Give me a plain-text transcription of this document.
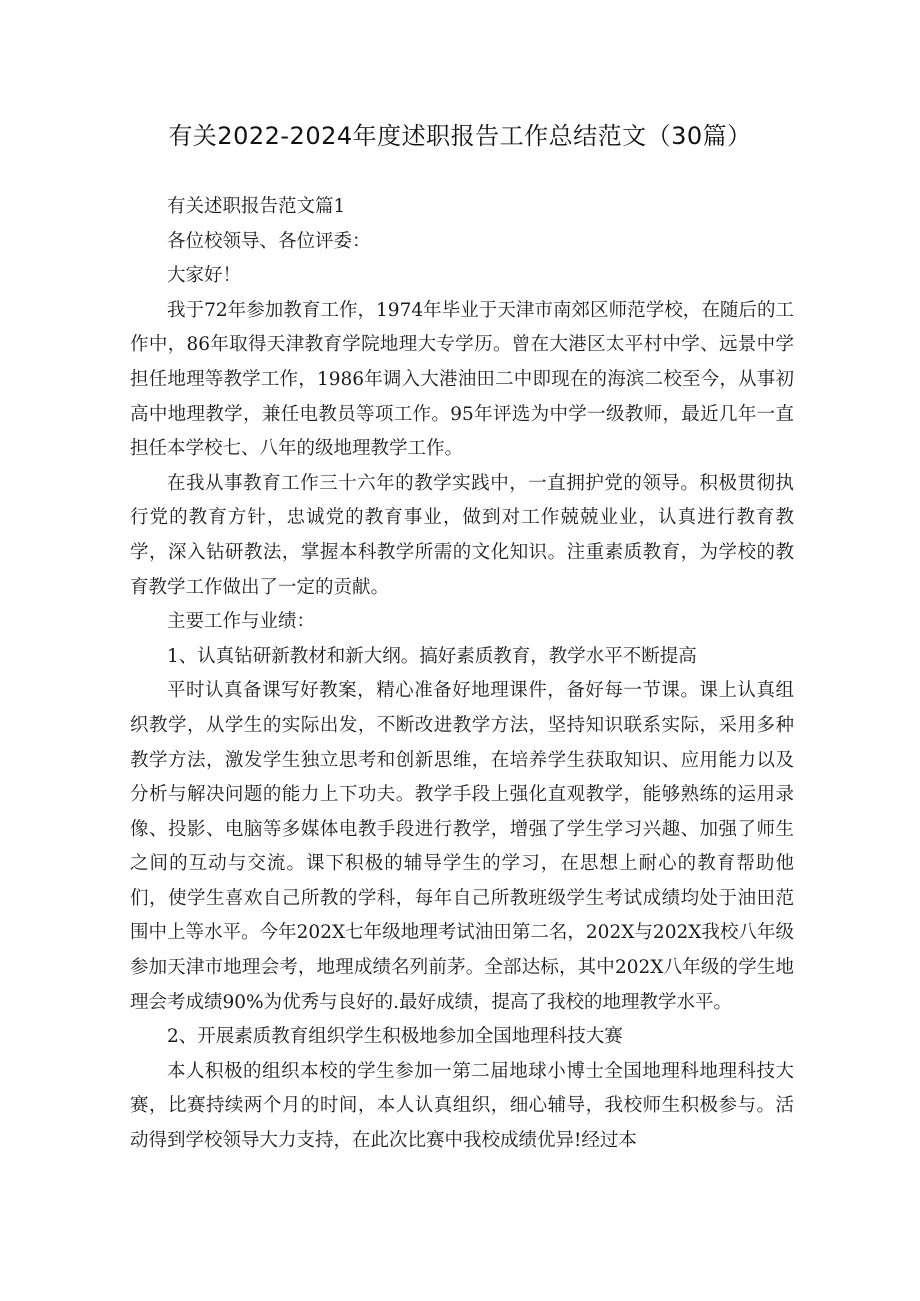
有关2022-2024年度述职报告工作总结范文（30篇）

有关述职报告范文篇1

各位校领导、各位评委：

大家好！

我于72年参加教育工作，1974年毕业于天津市南郊区师范学校，在随后的工作中，86年取得天津教育学院地理大专学历。曾在大港区太平村中学、远景中学担任地理等教学工作，1986年调入大港油田二中即现在的海滨二校至今，从事初高中地理教学，兼任电教员等项工作。95年评选为中学一级教师，最近几年一直担任本学校七、八年的级地理教学工作。

在我从事教育工作三十六年的教学实践中，一直拥护党的领导。积极贯彻执行党的教育方针，忠诚党的教育事业，做到对工作兢兢业业，认真进行教育教学，深入钻研教法，掌握本科教学所需的文化知识。注重素质教育，为学校的教育教学工作做出了一定的贡献。

主要工作与业绩：

1、认真钻研新教材和新大纲。搞好素质教育，教学水平不断提高

平时认真备课写好教案，精心准备好地理课件，备好每一节课。课上认真组织教学，从学生的实际出发，不断改进教学方法，坚持知识联系实际，采用多种教学方法，激发学生独立思考和创新思维，在培养学生获取知识、应用能力以及分析与解决问题的能力上下功夫。教学手段上强化直观教学，能够熟练的运用录像、投影、电脑等多媒体电教手段进行教学，增强了学生学习兴趣、加强了师生之间的互动与交流。课下积极的辅导学生的学习，在思想上耐心的教育帮助他们，使学生喜欢自己所教的学科，每年自己所教班级学生考试成绩均处于油田范围中上等水平。今年202X七年级地理考试油田第二名，202X与202X我校八年级参加天津市地理会考，地理成绩名列前茅。全部达标，其中202X八年级的学生地理会考成绩90%为优秀与良好的.最好成绩，提高了我校的地理教学水平。

2、开展素质教育组织学生积极地参加全国地理科技大赛

本人积极的组织本校的学生参加一第二届地球小博士全国地理科地理科技大赛，比赛持续两个月的时间，本人认真组织，细心辅导，我校师生积极参与。活动得到学校领导大力支持，在此次比赛中我校成绩优异!经过本
